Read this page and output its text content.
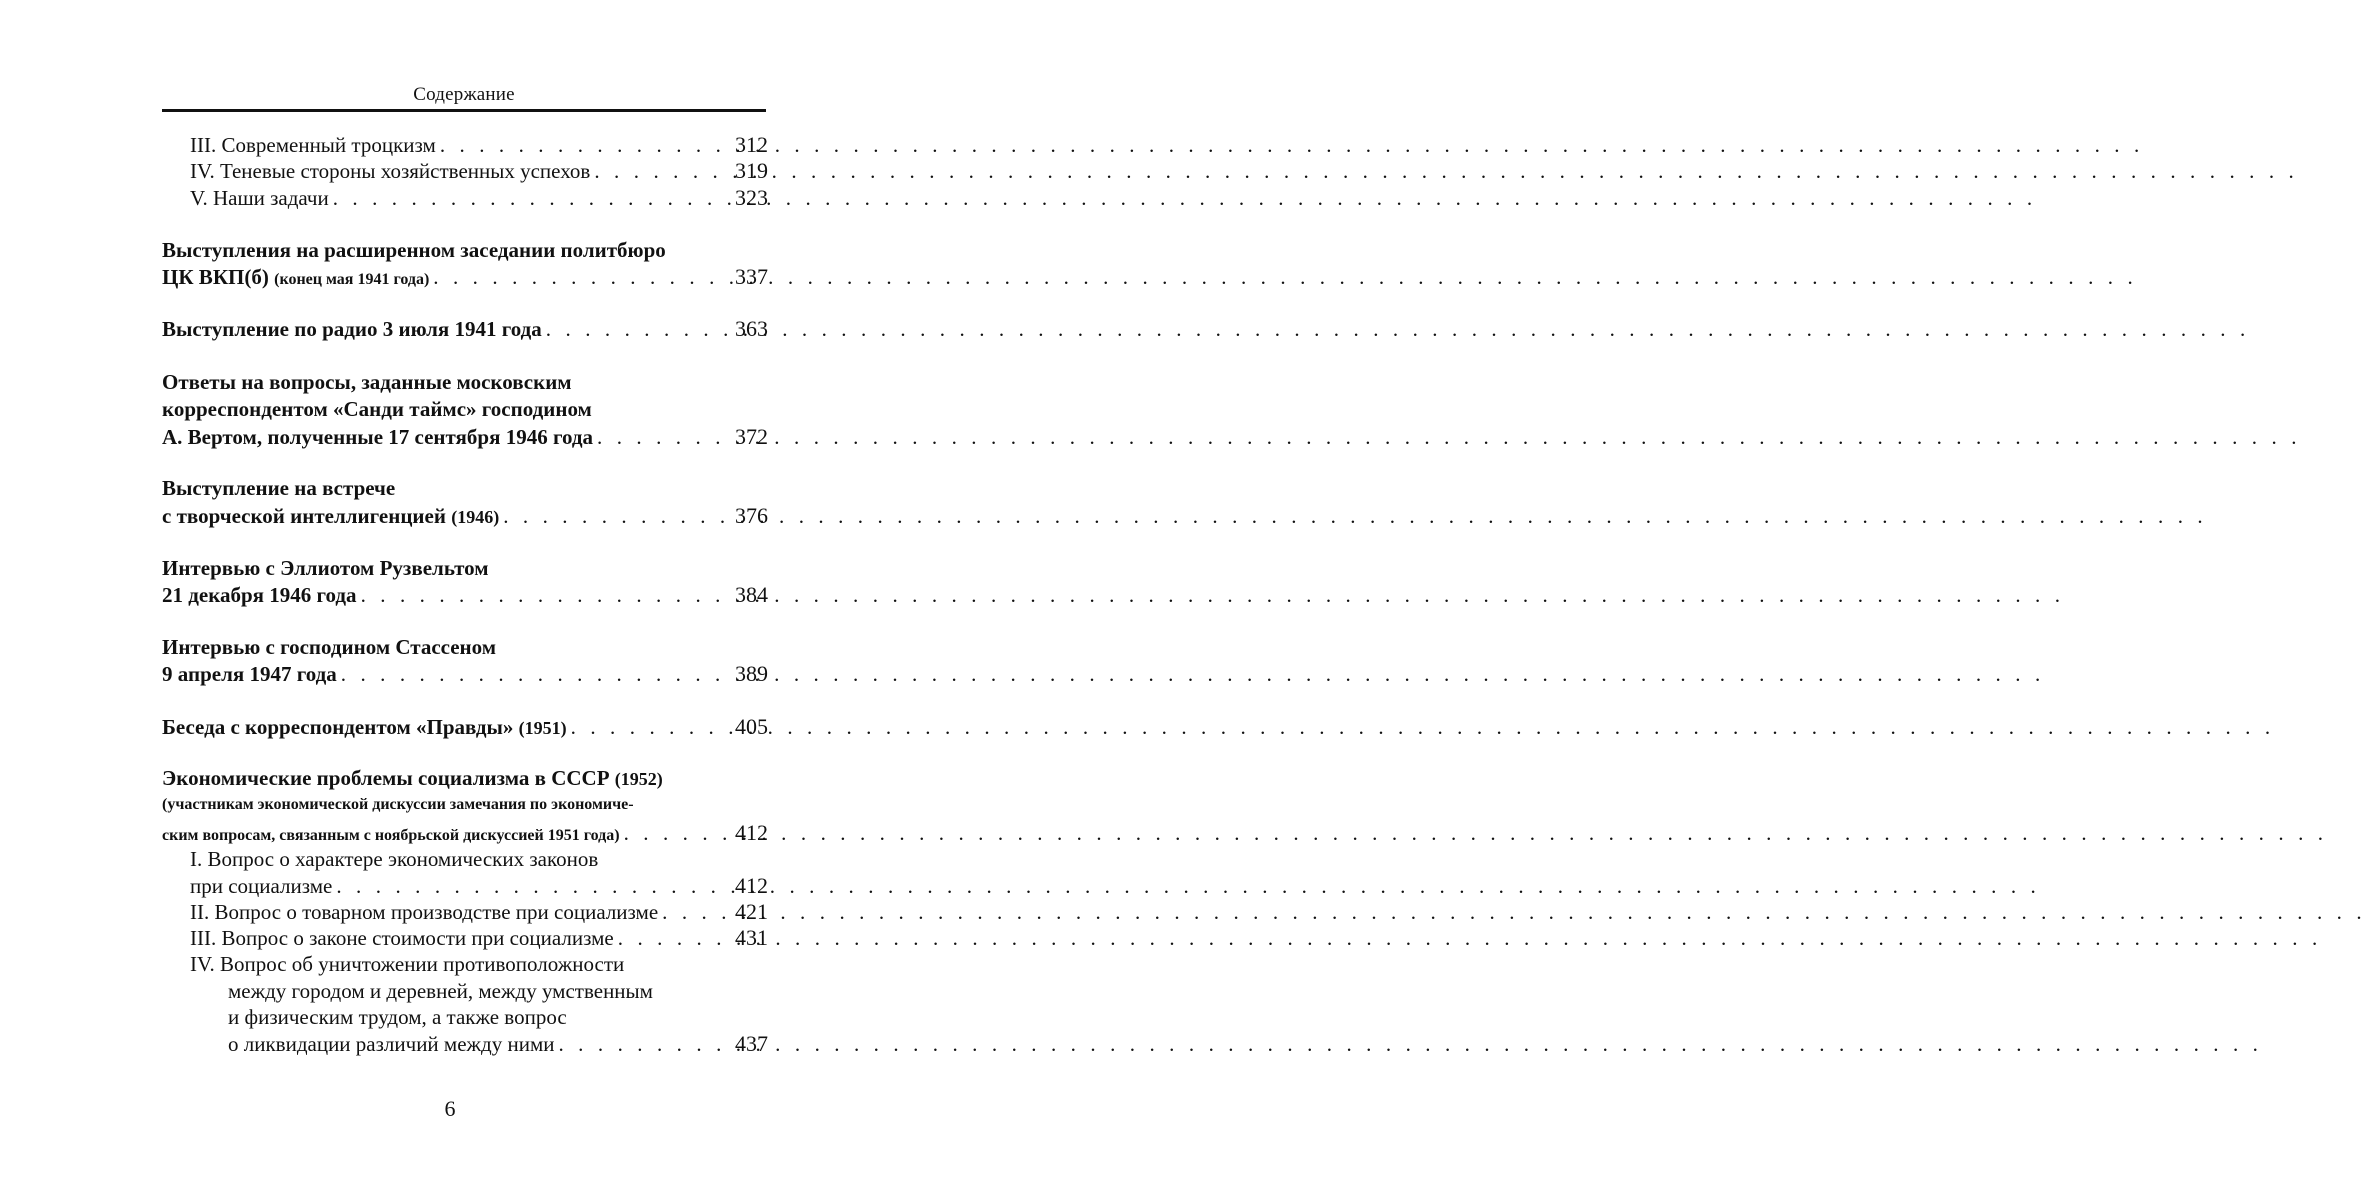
Содержание
III. Современный троцкизм . . .	312
IV. Теневые стороны хозяйственных успехов . . .	319
V. Наши задачи . . .	323
Выступления на расширенном заседании политбюро
ЦК ВКП(б) (конец мая 1941 года) . . .	337
Выступление по радио 3 июля 1941 года . . .	363
Ответы на вопросы, заданные московским
корреспондентом «Санди таймс» господином
А. Вертом, полученные 17 сентября 1946 года . . .	372
Выступление на встрече
с творческой интеллигенцией (1946) . . .	376
Интервью с Эллиотом Рузвельтом
21 декабря 1946 года . . .	384
Интервью с господином Стассеном
9 апреля 1947 года . . .	389
Беседа с корреспондентом «Правды» (1951) . . .	405
Экономические проблемы социализма в СССР (1952)
(участникам экономической дискуссии замечания по экономиче-
ским вопросам, связанным с ноябрьской дискуссией 1951 года) . . .	412
I. Вопрос о характере экономических законов
при социализме . . .	412
II. Вопрос о товарном производстве при социализме . . .	421
III. Вопрос о законе стоимости при социализме . . .	431
IV. Вопрос об уничтожении противоположности
между городом и деревней, между умственным
и физическим трудом, а также вопрос
о ликвидации различий между ними . . .	437
6
